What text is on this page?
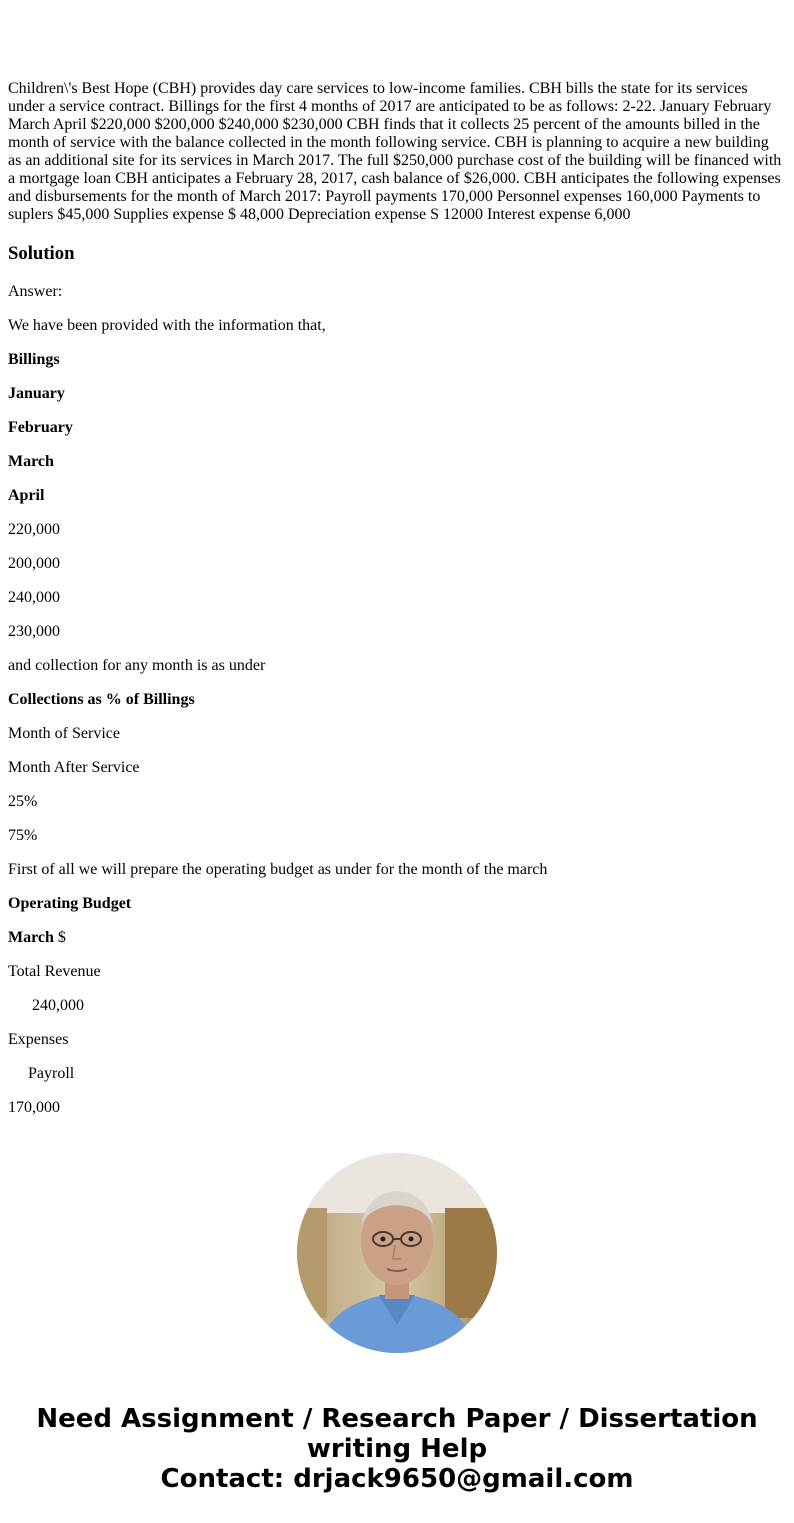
Children\'s Best Hope (CBH) provides day care services to low-income families. CBH bills the state for its services under a service contract. Billings for the first 4 months of 2017 are anticipated to be as follows: 2-22. January February March April $220,000 $200,000 $240,000 $230,000 CBH finds that it collects 25 percent of the amounts billed in the month of service with the balance collected in the month following service. CBH is planning to acquire a new building as an additional site for its services in March 2017. The full $250,000 purchase cost of the building will be financed with a mortgage loan CBH anticipates a February 28, 2017, cash balance of $26,000. CBH anticipates the following expenses and disbursements for the month of March 2017: Payroll payments 170,000 Personnel expenses 160,000 Payments to suplers $45,000 Supplies expense $ 48,000 Depreciation expense S 12000 Interest expense 6,000
Solution

Answer:

We have been provided with the information that,

Billings

January

February

March

April

220,000

200,000

240,000

230,000

and collection for any month is as under

Collections as % of Billings

Month of Service

Month After Service

25%

75%

First of all we will prepare the operating budget as under for the month of the march

Operating Budget

March $

Total Revenue

240,000

Expenses

Payroll

170,000

Need Assignment / Research Paper / Dissertation
writing Help
Contact: drjack9650@gmail.com
